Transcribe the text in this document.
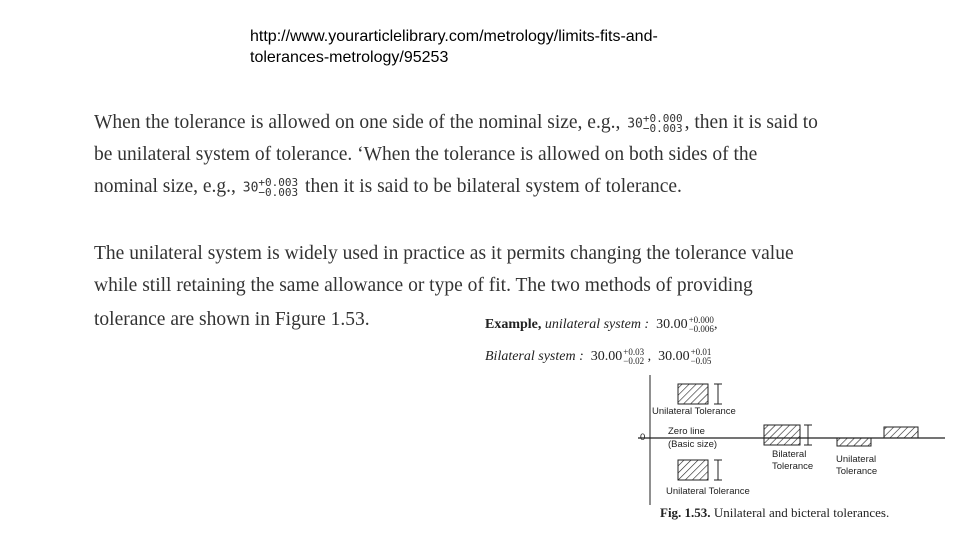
http://www.yourarticlelibrary.com/metrology/limits-fits-and-
tolerances-metrology/95253
When the tolerance is allowed on one side of the nominal size, e.g., 30 +0.000
−0.003 , then it is said to
be unilateral system of tolerance. ‘When the tolerance is allowed on both sides of the
nominal size, e.g., 30 +0.003
−0.003 then it is said to be bilateral system of tolerance.
The unilateral system is widely used in practice as it permits changing the tolerance value
while still retaining the same allowance or type of fit. The two methods of providing
tolerance are shown in Figure 1.53.	Example, unilateral system : 30.00 +0.000
−0.006 ,
Bilateral system : 30.00 +0.03
−0.02 , 30.00 +0.01
−0.05
Unilateral Tolerance
Zero line
(Basic size)
0
Bilateral
Tolerance
Unilateral
Tolerance
Unilateral Tolerance
Fig. 1.53. Unilateral and bicteral tolerances.
